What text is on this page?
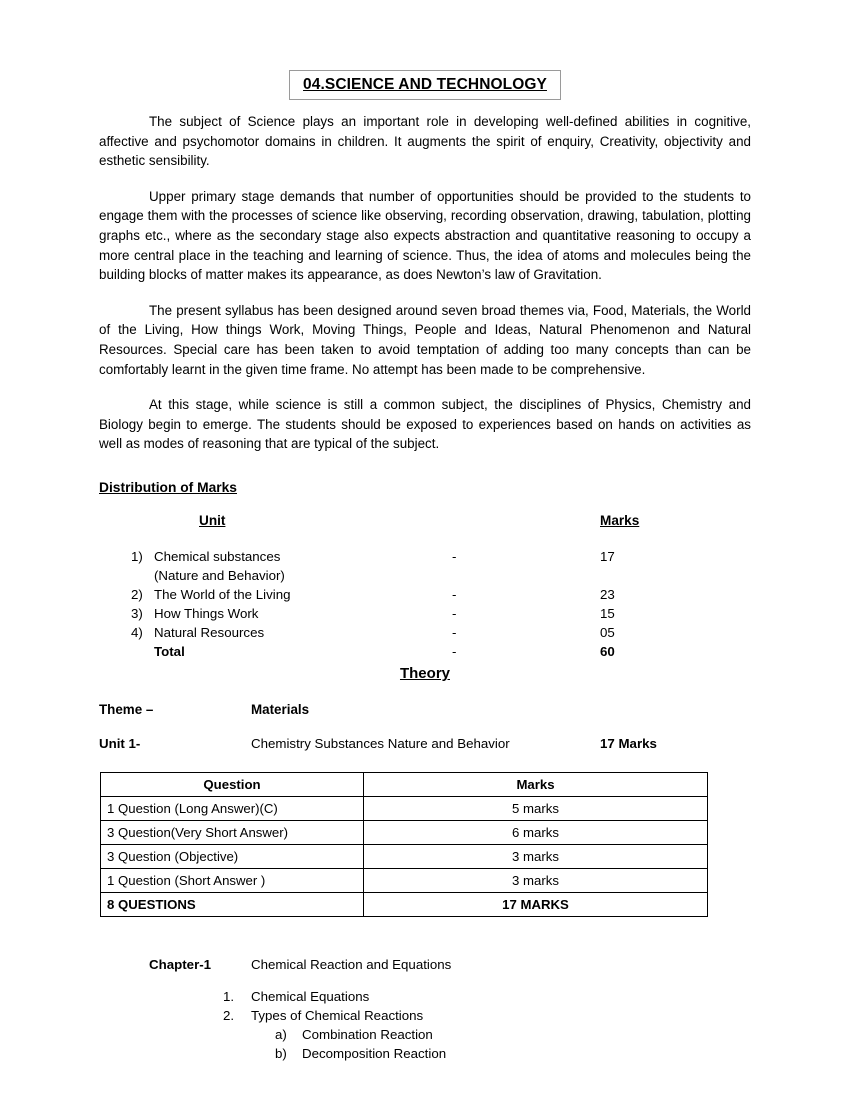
04.SCIENCE AND TECHNOLOGY

The subject of Science plays an important role in developing well-defined abilities in cognitive, affective and psychomotor domains in children. It augments the spirit of enquiry, Creativity, objectivity and esthetic sensibility.

Upper primary stage demands that number of opportunities should be provided to the students to engage them with the processes of science like observing, recording observation, drawing, tabulation, plotting graphs etc., where as the secondary stage also expects abstraction and quantitative reasoning to occupy a more central place in the teaching and learning of science. Thus, the idea of atoms and molecules being the building blocks of matter makes its appearance, as does Newton’s law of Gravitation.

The present syllabus has been designed around seven broad themes via, Food, Materials, the World of the Living, How things Work, Moving Things, People and Ideas, Natural Phenomenon and Natural Resources. Special care has been taken to avoid temptation of adding too many concepts than can be comfortably learnt in the given time frame. No attempt has been made to be comprehensive.

At this stage, while science is still a common subject, the disciplines of Physics, Chemistry and Biology begin to emerge. The students should be exposed to experiences based on hands on activities as well as modes of reasoning that are typical of the subject.

Distribution of Marks
Unit	Marks
1) Chemical substances	-	17
(Nature and Behavior)
2) The World of the Living	-	23
3) How Things Work	-	15
4) Natural Resources	-	05
Total	-	60
Theory
Theme –	Materials
Unit 1-	Chemistry Substances Nature and Behavior	17 Marks
Question	Marks
1 Question (Long Answer)(C)	5 marks
3 Question(Very Short Answer)	6 marks
3 Question (Objective)	3 marks
1 Question (Short Answer )	3 marks
8 QUESTIONS	17 MARKS
Chapter-1	Chemical Reaction and Equations
1. Chemical Equations
2. Types of Chemical Reactions
a) Combination Reaction
b) Decomposition Reaction
